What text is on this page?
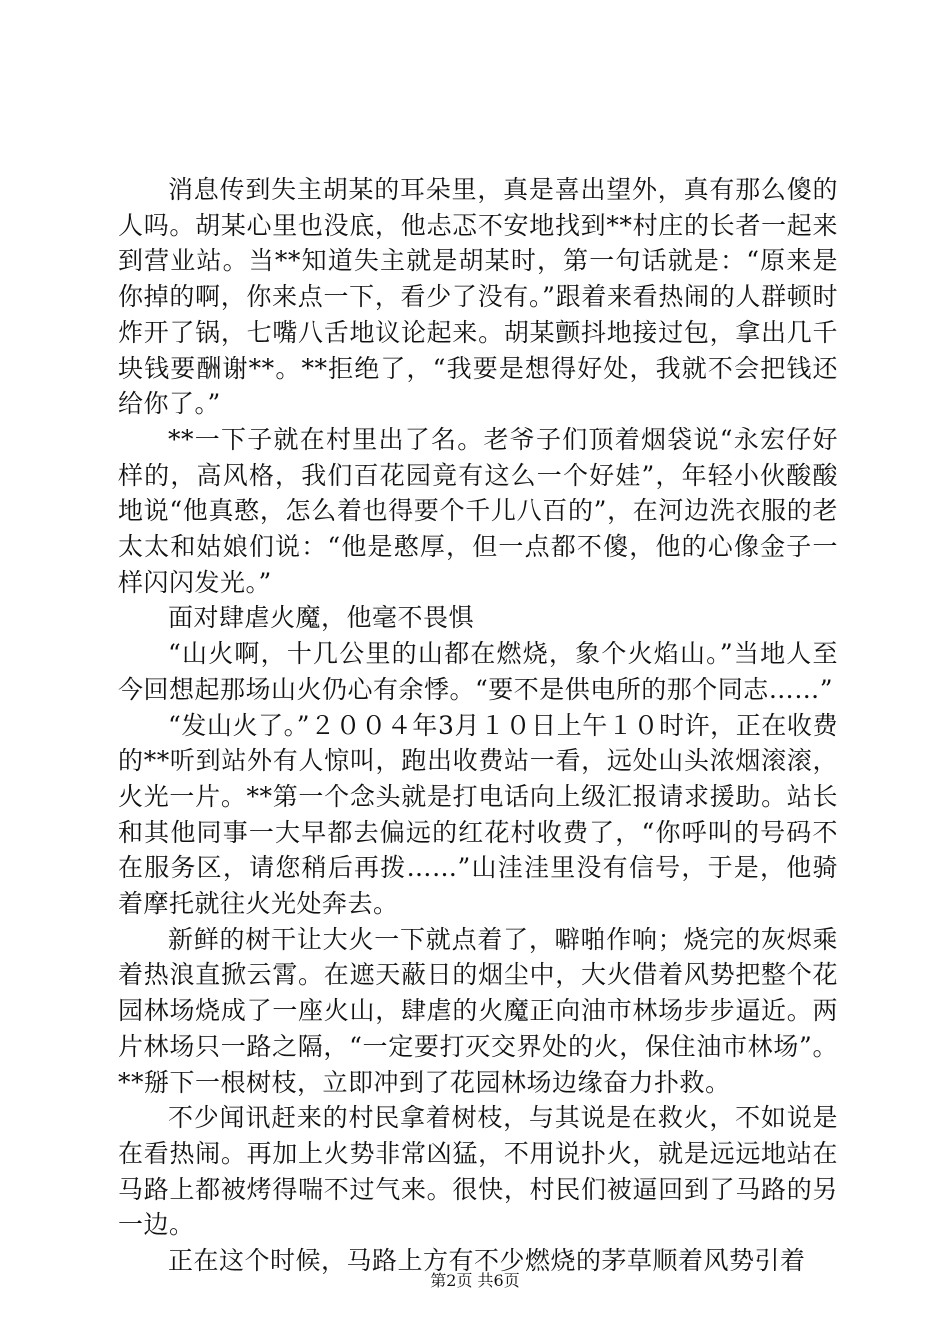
消息传到失主胡某的耳朵里，真是喜出望外，真有那么傻的人吗。胡某心里也没底，他忐忑不安地找到**村庄的长者一起来到营业站。当**知道失主就是胡某时，第一句话就是：“原来是你掉的啊，你来点一下，看少了没有。”跟着来看热闹的人群顿时炸开了锅，七嘴八舌地议论起来。胡某颤抖地接过包，拿出几千块钱要酬谢**。**拒绝了，“我要是想得好处，我就不会把钱还给你了。”

**一下子就在村里出了名。老爷子们顶着烟袋说“永宏仔好样的，高风格，我们百花园竟有这么一个好娃”，年轻小伙酸酸地说“他真憨，怎么着也得要个千儿八百的”，在河边洗衣服的老太太和姑娘们说：“他是憨厚，但一点都不傻，他的心像金子一样闪闪发光。”

面对肆虐火魔，他毫不畏惧

“山火啊，十几公里的山都在燃烧，象个火焰山。”当地人至今回想起那场山火仍心有余悸。“要不是供电所的那个同志……”

“发山火了。”２００４年3月１０日上午１０时许，正在收费的**听到站外有人惊叫，跑出收费站一看，远处山头浓烟滚滚，火光一片。**第一个念头就是打电话向上级汇报请求援助。站长和其他同事一大早都去偏远的红花村收费了，“你呼叫的号码不在服务区，请您稍后再拨……”山洼洼里没有信号，于是，他骑着摩托就往火光处奔去。

新鲜的树干让大火一下就点着了，噼啪作响；烧完的灰烬乘着热浪直掀云霄。在遮天蔽日的烟尘中，大火借着风势把整个花园林场烧成了一座火山，肆虐的火魔正向油市林场步步逼近。两片林场只一路之隔，“一定要打灭交界处的火，保住油市林场”。**掰下一根树枝，立即冲到了花园林场边缘奋力扑救。

不少闻讯赶来的村民拿着树枝，与其说是在救火，不如说是在看热闹。再加上火势非常凶猛，不用说扑火，就是远远地站在马路上都被烤得喘不过气来。很快，村民们被逼回到了马路的另一边。

正在这个时候，马路上方有不少燃烧的茅草顺着风势引着

第2页 共6页
